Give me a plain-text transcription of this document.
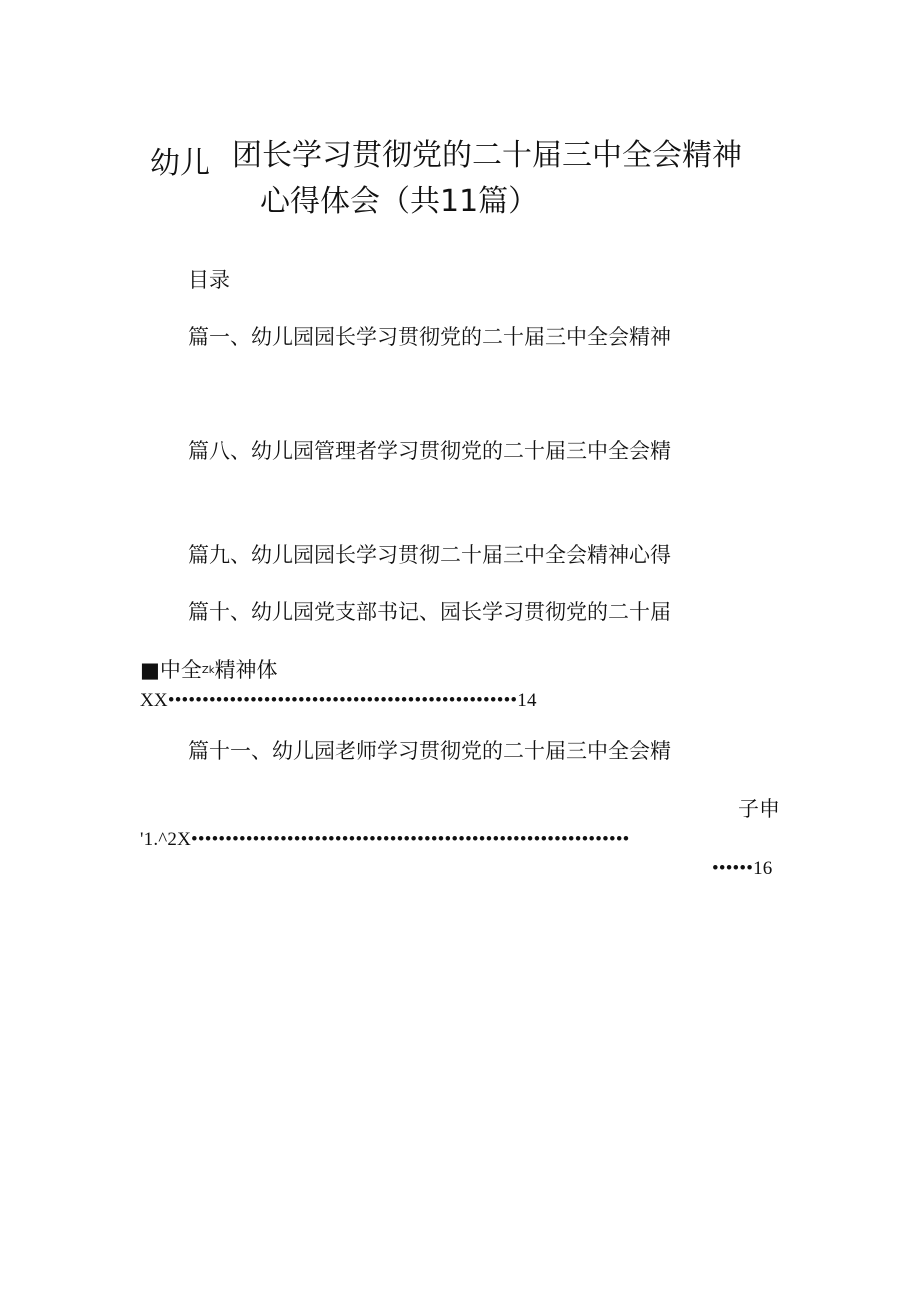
幼儿 团长学习贯彻党的二十届三中全会精神
心得体会（共11篇）
目录
篇一、幼儿园园长学习贯彻党的二十届三中全会精神
篇八、幼儿园管理者学习贯彻党的二十届三中全会精
篇九、幼儿园园长学习贯彻二十届三中全会精神心得
篇十、幼儿园党支部书记、园长学习贯彻党的二十届
■中全Zk精神体
XX•••••••••••••••••••••••••••••••••••••••••••••••••••14
篇十一、幼儿园老师学习贯彻党的二十届三中全会精
子申
'1.^2X••••••••••••••••••••••••••••••••••••••••••••••••••••••••••••••••
••••••16
